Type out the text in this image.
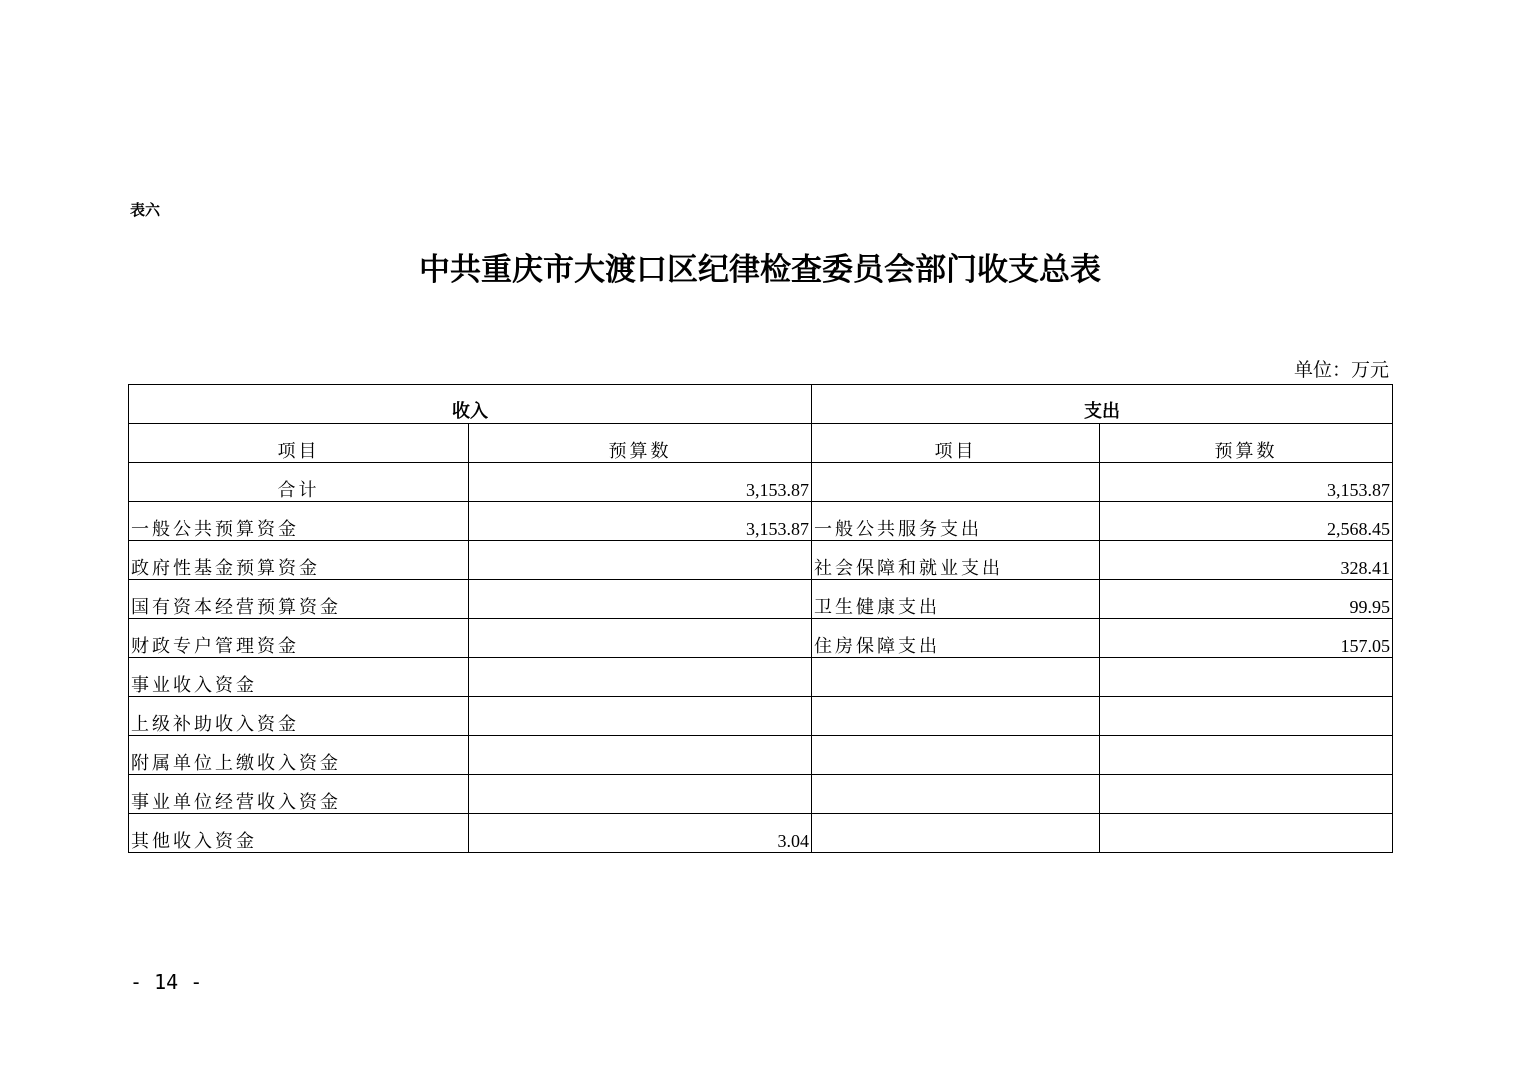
表六
中共重庆市大渡口区纪律检查委员会部门收支总表
单位：万元
收入		支出	
项目	预算数	项目	预算数
合计	3,153.87		3,153.87
一般公共预算资金	3,153.87	一般公共服务支出	2,568.45
政府性基金预算资金		社会保障和就业支出	328.41
国有资本经营预算资金		卫生健康支出	99.95
财政专户管理资金		住房保障支出	157.05
事业收入资金			
上级补助收入资金			
附属单位上缴收入资金			
事业单位经营收入资金			
其他收入资金	3.04		
- 14 -
